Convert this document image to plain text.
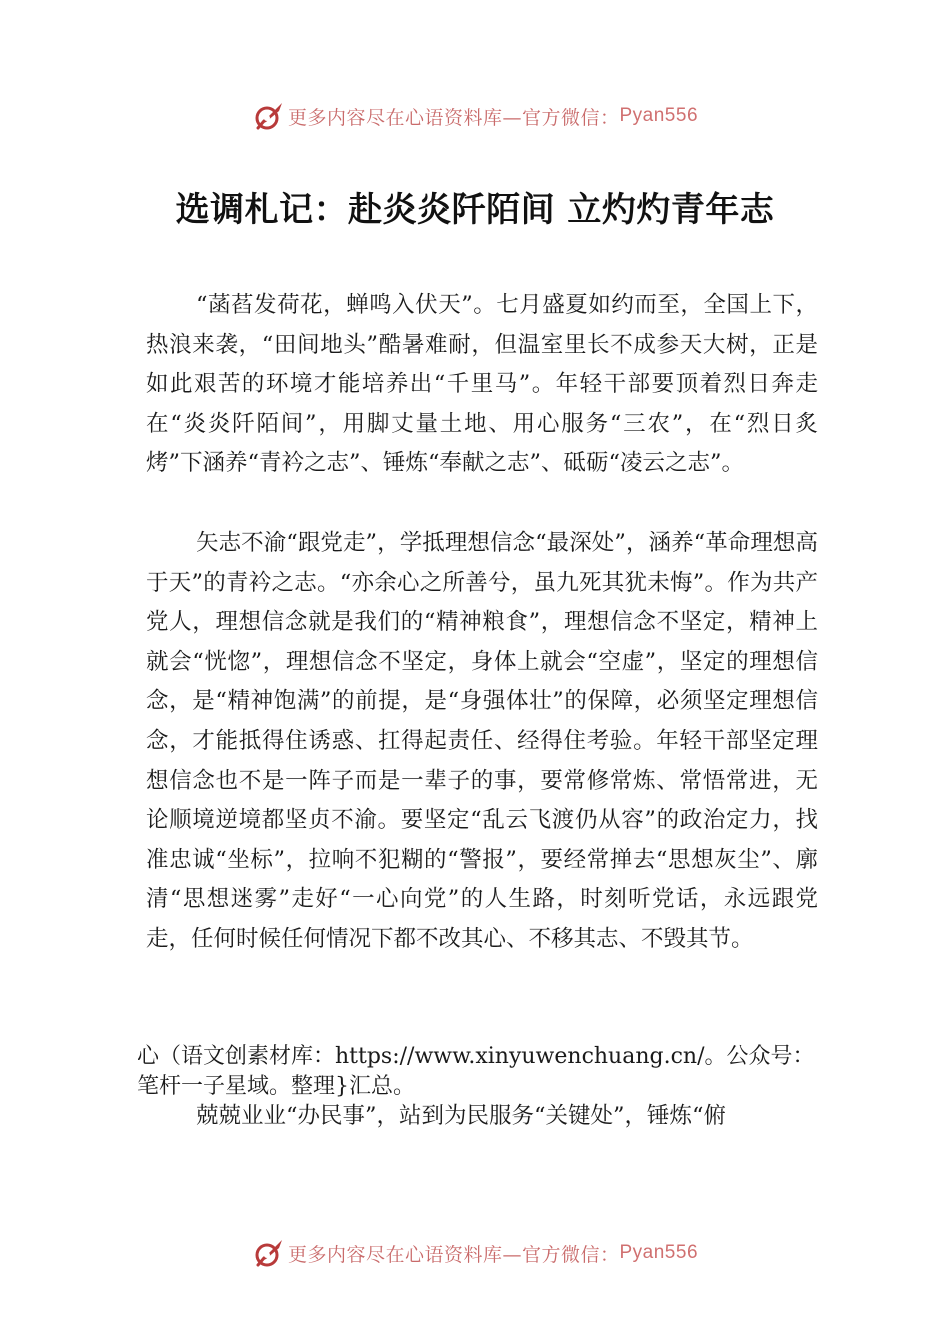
更多内容尽在心语资料库—官方微信： Pyan556
选调札记：赴炎炎阡陌间 立灼灼青年志

“菡萏发荷花，蝉鸣入伏天”。七月盛夏如约而至，全国上下，热浪来袭，“田间地头”酷暑难耐，但温室里长不成参天大树，正是如此艰苦的环境才能培养出“千里马”。年轻干部要顶着烈日奔走在“炎炎阡陌间”，用脚丈量土地、用心服务“三农”，在“烈日炙烤”下涵养“青衿之志”、锤炼“奉献之志”、砥砺“凌云之志”。

矢志不渝“跟党走”，学抵理想信念“最深处”，涵养“革命理想高于天”的青衿之志。“亦余心之所善兮，虽九死其犹未悔”。作为共产党人，理想信念就是我们的“精神粮食”，理想信念不坚定，精神上就会“恍惚”，理想信念不坚定，身体上就会“空虚”，坚定的理想信念，是“精神饱满”的前提，是“身强体壮”的保障，必须坚定理想信念，才能抵得住诱惑、扛得起责任、经得住考验。年轻干部坚定理想信念也不是一阵子而是一辈子的事，要常修常炼、常悟常进，无论顺境逆境都坚贞不渝。要坚定“乱云飞渡仍从容”的政治定力，找准忠诚“坐标”，拉响不犯糊的“警报”，要经常掸去“思想灰尘”、廓清“思想迷雾”走好“一心向党”的人生路，时刻听党话，永远跟党走，任何时候任何情况下都不改其心、不移其志、不毁其节。

心（语文创素材库：https://www.xinyuwenchuang.cn/。公众号：笔杆一子星域。整理}汇总。

兢兢业业“办民事”，站到为民服务“关键处”，锤炼“俯

更多内容尽在心语资料库—官方微信： Pyan556
